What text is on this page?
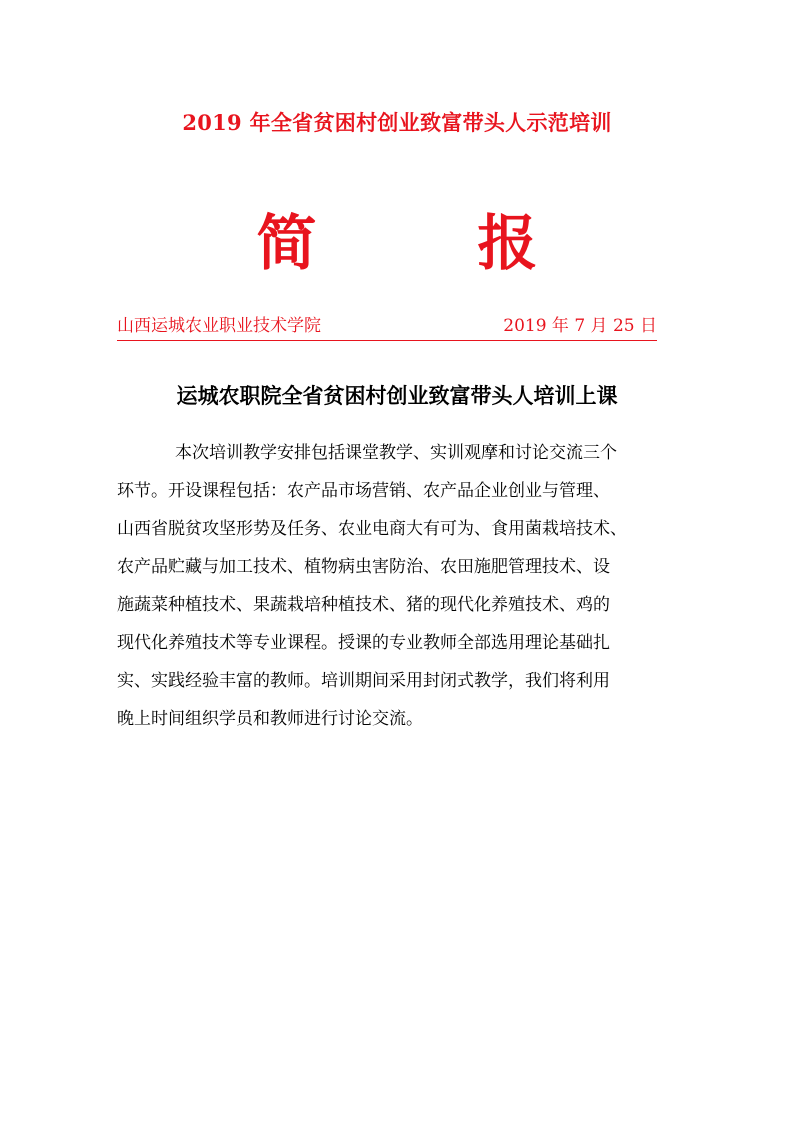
2019 年全省贫困村创业致富带头人示范培训
简 报
山西运城农业职业技术学院	2019 年 7 月 25 日
运城农职院全省贫困村创业致富带头人培训上课
本次培训教学安排包括课堂教学、实训观摩和讨论交流三个
环节。开设课程包括：农产品市场营销、农产品企业创业与管理、
山西省脱贫攻坚形势及任务、农业电商大有可为、食用菌栽培技术、
农产品贮藏与加工技术、植物病虫害防治、农田施肥管理技术、设
施蔬菜种植技术、果蔬栽培种植技术、猪的现代化养殖技术、鸡的
现代化养殖技术等专业课程。授课的专业教师全部选用理论基础扎
实、实践经验丰富的教师。培训期间采用封闭式教学，我们将利用
晚上时间组织学员和教师进行讨论交流。
